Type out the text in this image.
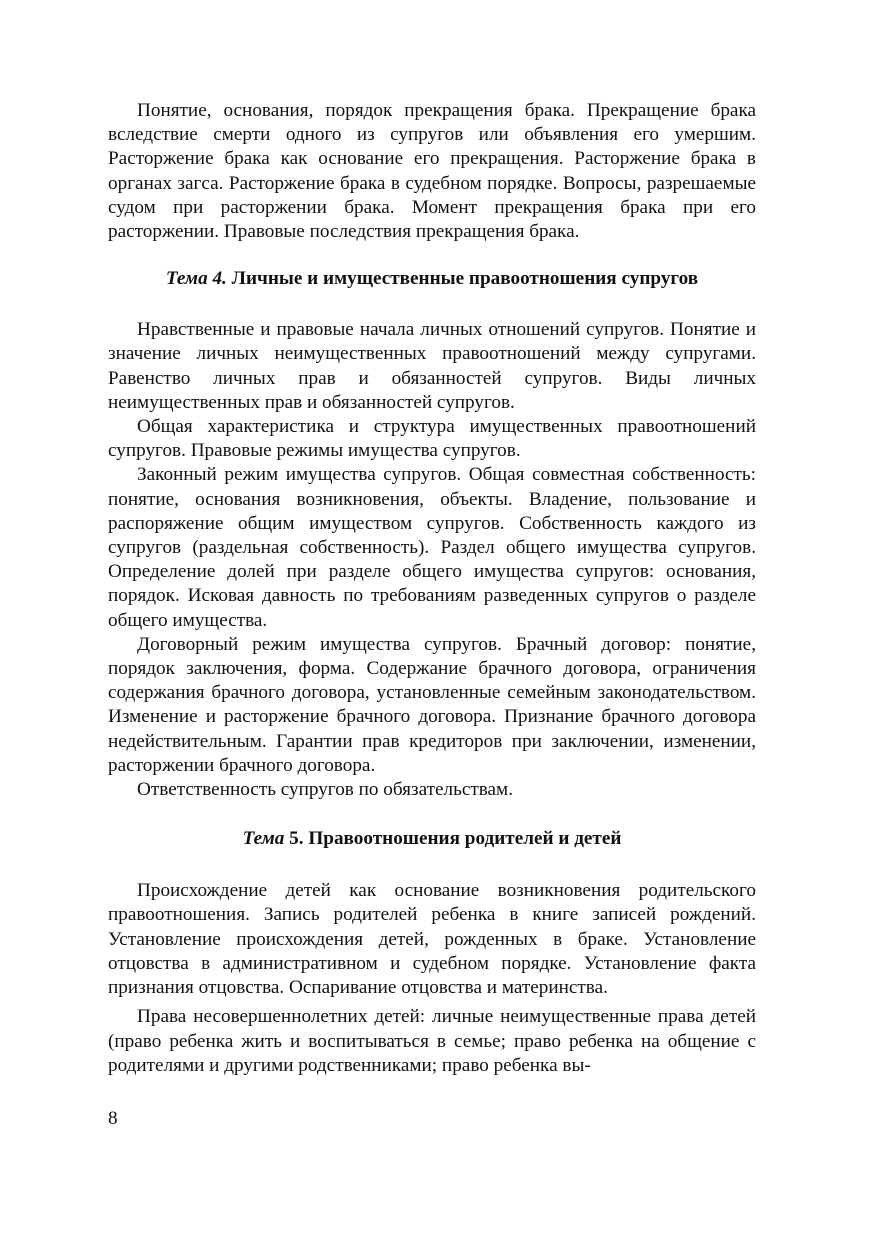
Понятие, основания, порядок прекращения брака. Прекращение брака вследствие смерти одного из супругов или объявления его умершим. Расторжение брака как основание его прекращения. Расторжение брака в органах загса. Расторжение брака в судебном порядке. Вопросы, разрешаемые судом при расторжении брака. Момент прекращения брака при его расторжении. Правовые последствия прекращения брака.

Тема 4. Личные и имущественные правоотношения супругов

Нравственные и правовые начала личных отношений супругов. Понятие и значение личных неимущественных правоотношений между супругами. Равенство личных прав и обязанностей супругов. Виды личных неимущественных прав и обязанностей супругов.

Общая характеристика и структура имущественных правоотношений супругов. Правовые режимы имущества супругов.

Законный режим имущества супругов. Общая совместная собственность: понятие, основания возникновения, объекты. Владение, пользование и распоряжение общим имуществом супругов. Собственность каждого из супругов (раздельная собственность). Раздел общего имущества супругов. Определение долей при разделе общего имущества супругов: основания, порядок. Исковая давность по требованиям разведенных супругов о разделе общего имущества.

Договорный режим имущества супругов. Брачный договор: понятие, порядок заключения, форма. Содержание брачного договора, ограничения содержания брачного договора, установленные семейным законодательством. Изменение и расторжение брачного договора. Признание брачного договора недействительным. Гарантии прав кредиторов при заключении, изменении, расторжении брачного договора.

Ответственность супругов по обязательствам.

Тема 5. Правоотношения родителей и детей

Происхождение детей как основание возникновения родительского правоотношения. Запись родителей ребенка в книге записей рождений. Установление происхождения детей, рожденных в браке. Установление отцовства в административном и судебном порядке. Установление факта признания отцовства. Оспаривание отцовства и материнства.

Права несовершеннолетних детей: личные неимущественные права детей (право ребенка жить и воспитываться в семье; право ребенка на общение с родителями и другими родственниками; право ребенка вы-

8
